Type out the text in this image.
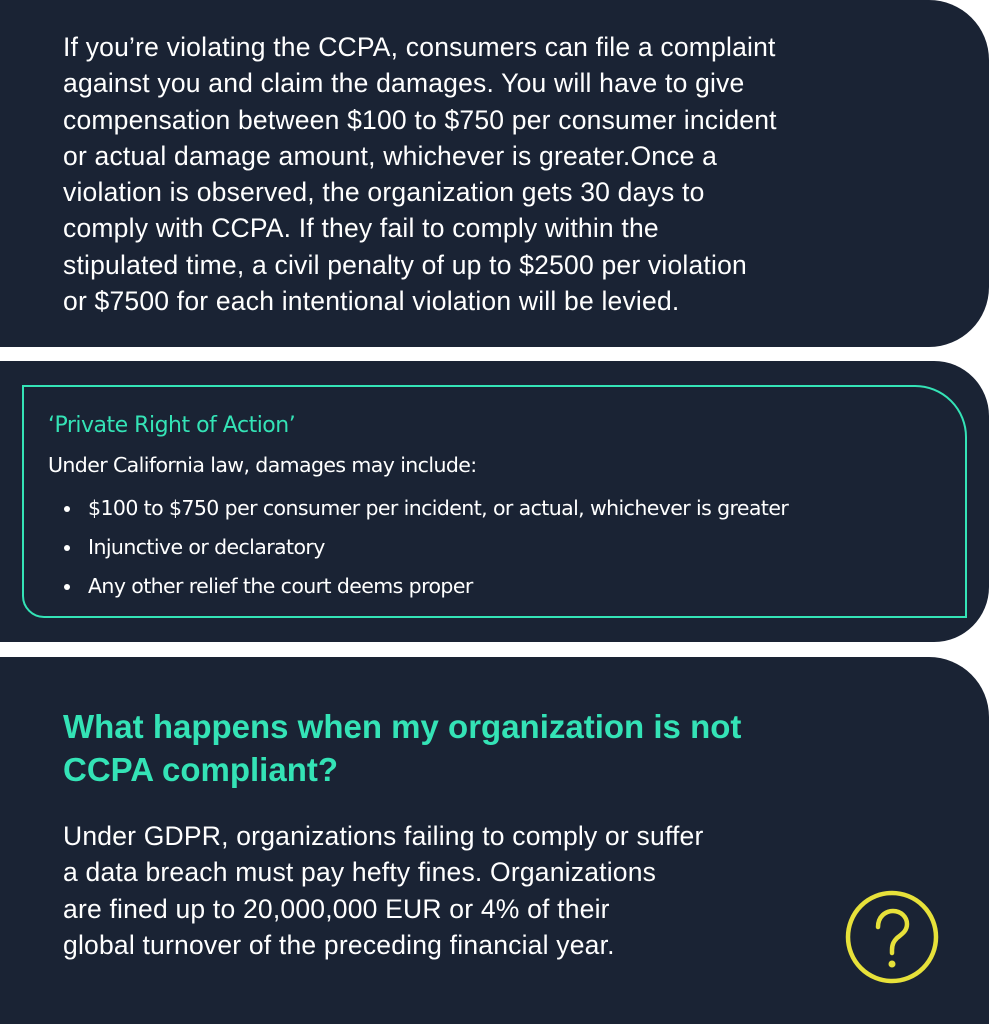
If you’re violating the CCPA, consumers can file a complaint
against you and claim the damages. You will have to give
compensation between $100 to $750 per consumer incident
or actual damage amount, whichever is greater.Once a
violation is observed, the organization gets 30 days to
comply with CCPA. If they fail to comply within the
stipulated time, a civil penalty of up to $2500 per violation
or $7500 for each intentional violation will be levied.

‘Private Right of Action’

Under California law, damages may include:

$100 to $750 per consumer per incident, or actual, whichever is greater
Injunctive or declaratory
Any other relief the court deems proper
What happens when my organization is not
CCPA compliant?

Under GDPR, organizations failing to comply or suffer
a data breach must pay hefty fines. Organizations
are fined up to 20,000,000 EUR or 4% of their
global turnover of the preceding financial year.
